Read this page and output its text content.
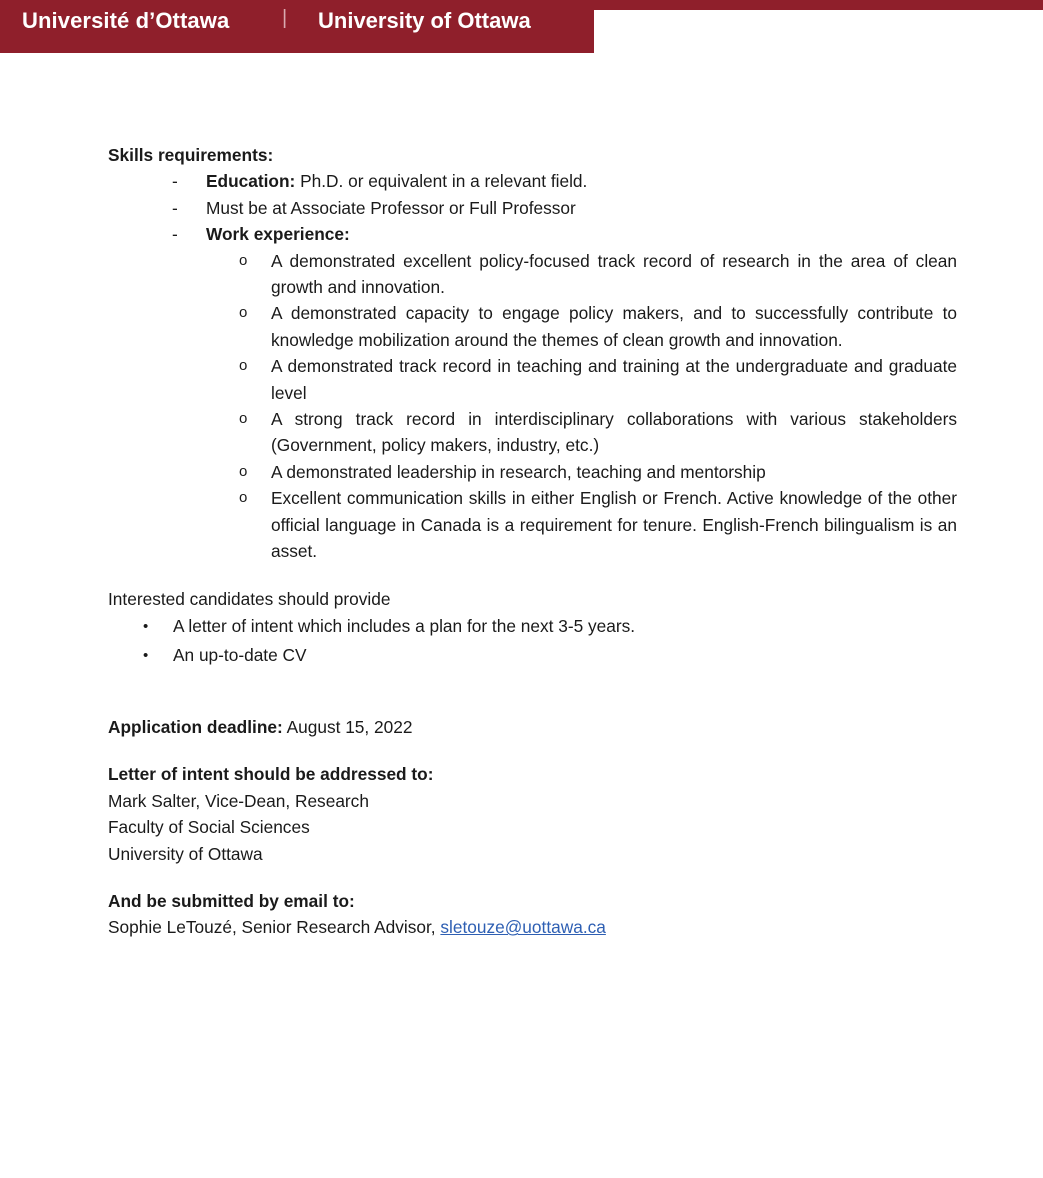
Université d’Ottawa	| University of Ottawa
Skills requirements:
- Education: Ph.D. or equivalent in a relevant field.
- Must be at Associate Professor or Full Professor
- Work experience:
o A demonstrated excellent policy-focused track record of research in the area of clean growth and innovation.
o A demonstrated capacity to engage policy makers, and to successfully contribute to knowledge mobilization around the themes of clean growth and innovation.
o A demonstrated track record in teaching and training at the undergraduate and graduate level
o A strong track record in interdisciplinary collaborations with various stakeholders (Government, policy makers, industry, etc.)
o A demonstrated leadership in research, teaching and mentorship
o Excellent communication skills in either English or French. Active knowledge of the other official language in Canada is a requirement for tenure. English-French bilingualism is an asset.
Interested candidates should provide
• A letter of intent which includes a plan for the next 3-5 years.
• An up-to-date CV
Application deadline: August 15, 2022
Letter of intent should be addressed to:
Mark Salter, Vice-Dean, Research
Faculty of Social Sciences
University of Ottawa
And be submitted by email to:
Sophie LeTouzé, Senior Research Advisor, sletouze@uottawa.ca
